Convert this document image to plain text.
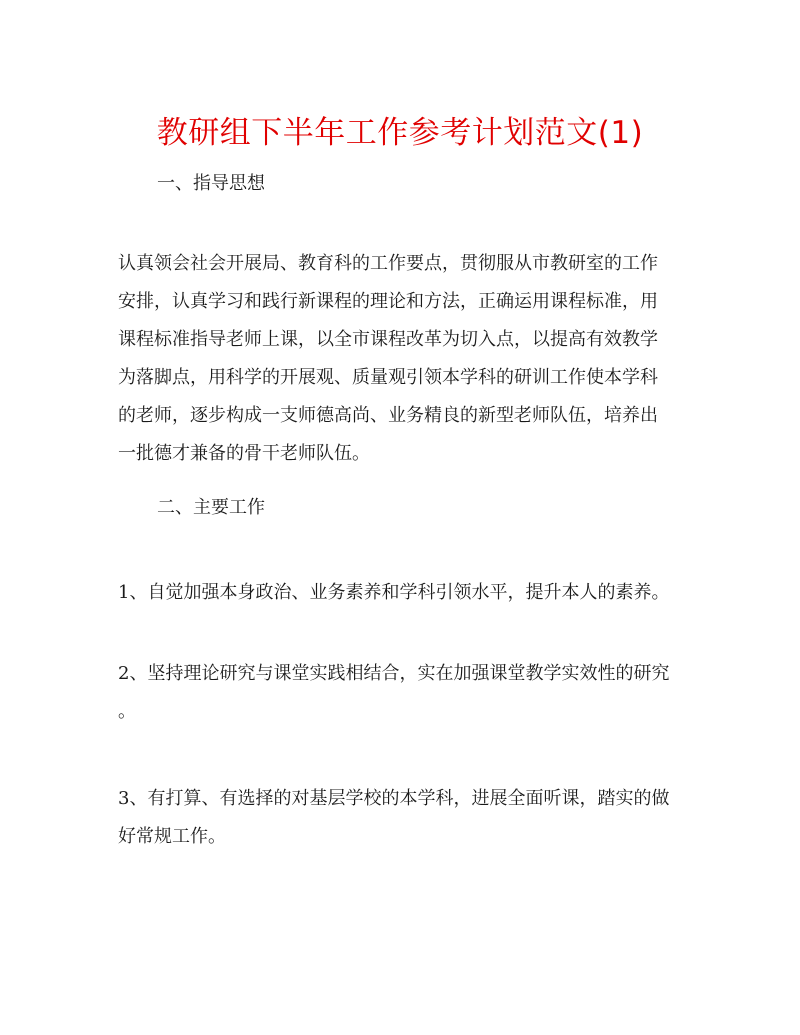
教研组下半年工作参考计划范文(1)
一、指导思想
认真领会社会开展局、教育科的工作要点，贯彻服从市教研室的工作
安排，认真学习和践行新课程的理论和方法，正确运用课程标准，用
课程标准指导老师上课，以全市课程改革为切入点，以提高有效教学
为落脚点，用科学的开展观、质量观引领本学科的研训工作使本学科
的老师，逐步构成一支师德高尚、业务精良的新型老师队伍，培养出
一批德才兼备的骨干老师队伍。
二、主要工作
1、自觉加强本身政治、业务素养和学科引领水平，提升本人的素养。
2、坚持理论研究与课堂实践相结合，实在加强课堂教学实效性的研究
。
3、有打算、有选择的对基层学校的本学科，进展全面听课，踏实的做
好常规工作。
